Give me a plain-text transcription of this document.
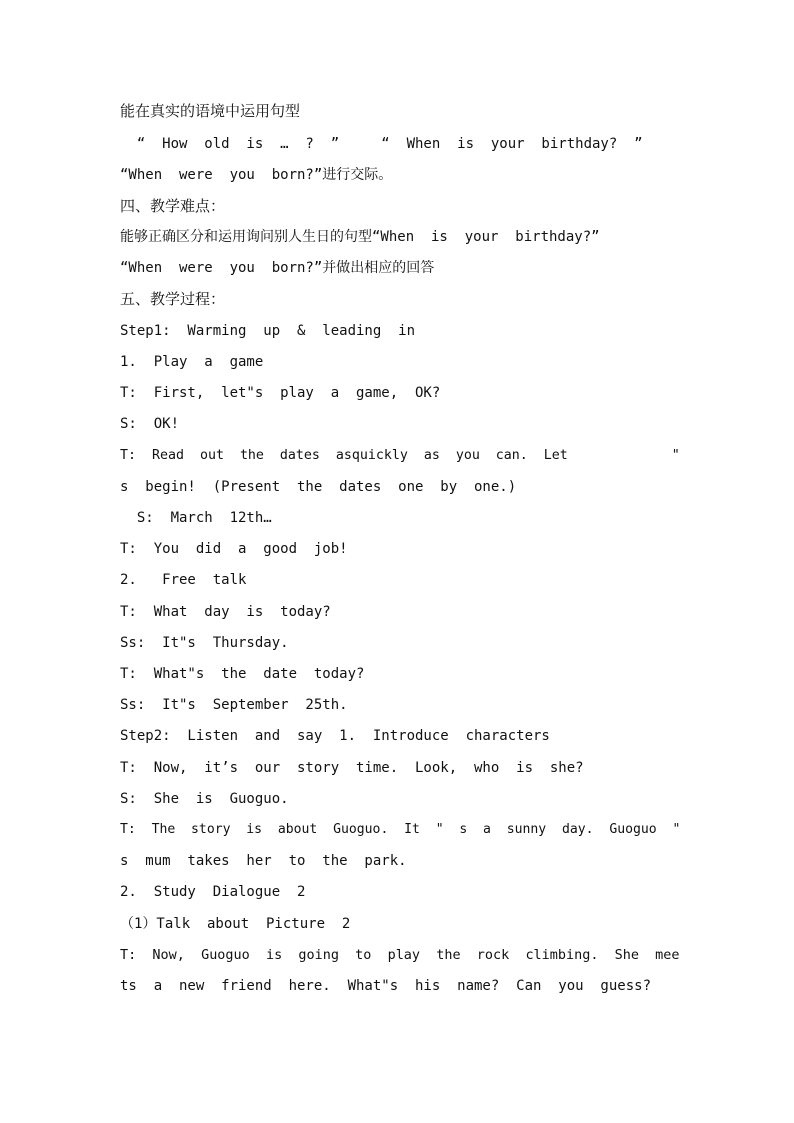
能在真实的语境中运用句型
“  How  old  is  …  ?  ”     “  When  is  your  birthday?  ”
“When  were  you  born?”进行交际。
四、教学难点：
能够正确区分和运用询问别人生日的句型“When  is  your  birthday?”
“When  were  you  born?”并做出相应的回答
五、教学过程：
Step1:  Warming  up  &  leading  in
1.  Play  a  game
T:  First,  let"s  play  a  game,  OK?
S:  OK!
T:  Read  out  the  dates  asquickly  as  you  can.  Let             "
s  begin!  (Present  the  dates  one  by  one.)
S:  March  12th…
T:  You  did  a  good  job!
2.   Free  talk
T:  What  day  is  today?
Ss:  It"s  Thursday.
T:  What"s  the  date  today?
Ss:  It"s  September  25th.
Step2:  Listen  and  say  1.  Introduce  characters
T:  Now,  it’s  our  story  time.  Look,  who  is  she?
S:  She  is  Guoguo.
T:  The  story  is  about  Guoguo.  It  "  s  a  sunny  day.  Guoguo  "
s  mum  takes  her  to  the  park.
2.  Study  Dialogue  2
（1）Talk  about  Picture  2
T:  Now,  Guoguo  is  going  to  play  the  rock  climbing.  She  mee
ts  a  new  friend  here.  What"s  his  name?  Can  you  guess?
